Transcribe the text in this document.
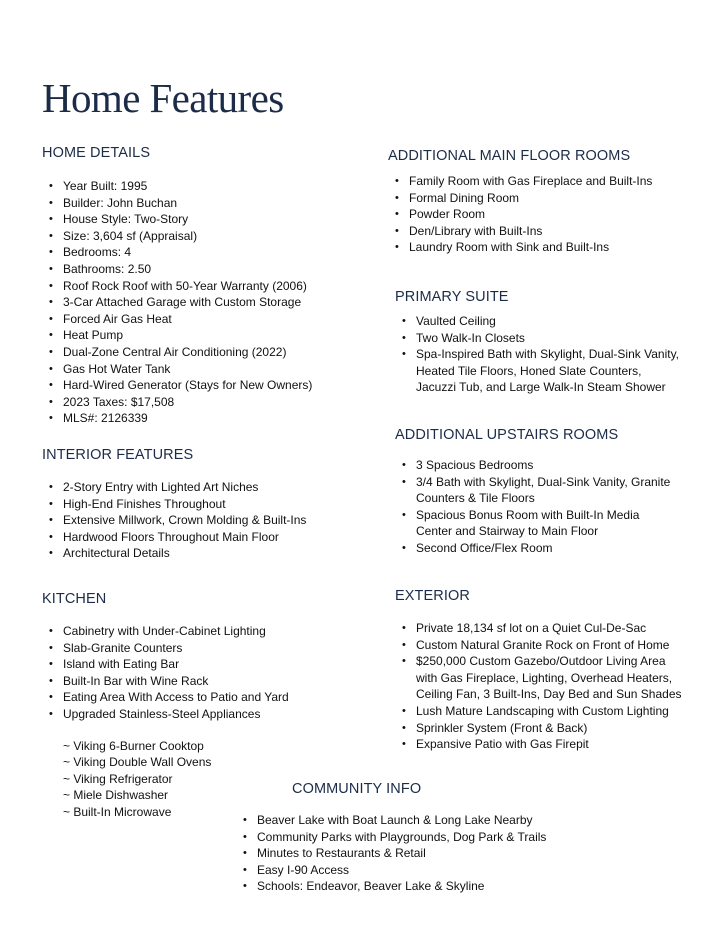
Home Features
HOME DETAILS
• Year Built: 1995
• Builder: John Buchan
• House Style: Two-Story
• Size: 3,604 sf (Appraisal)
• Bedrooms: 4
• Bathrooms: 2.50
• Roof Rock Roof with 50-Year Warranty (2006)
• 3-Car Attached Garage with Custom Storage
• Forced Air Gas Heat
• Heat Pump
• Dual-Zone Central Air Conditioning (2022)
• Gas Hot Water Tank
• Hard-Wired Generator (Stays for New Owners)
• 2023 Taxes: $17,508
• MLS#: 2126339
INTERIOR FEATURES
• 2-Story Entry with Lighted Art Niches
• High-End Finishes Throughout
• Extensive Millwork, Crown Molding & Built-Ins
• Hardwood Floors Throughout Main Floor
• Architectural Details
KITCHEN
• Cabinetry with Under-Cabinet Lighting
• Slab-Granite Counters
• Island with Eating Bar
• Built-In Bar with Wine Rack
• Eating Area With Access to Patio and Yard
• Upgraded Stainless-Steel Appliances
~ Viking 6-Burner Cooktop
~ Viking Double Wall Ovens
~ Viking Refrigerator
~ Miele Dishwasher
~ Built-In Microwave
ADDITIONAL MAIN FLOOR ROOMS
• Family Room with Gas Fireplace and Built-Ins
• Formal Dining Room
• Powder Room
• Den/Library with Built-Ins
• Laundry Room with Sink and Built-Ins
PRIMARY SUITE
• Vaulted Ceiling
• Two Walk-In Closets
• Spa-Inspired Bath with Skylight, Dual-Sink Vanity,
Heated Tile Floors, Honed Slate Counters,
Jacuzzi Tub, and Large Walk-In Steam Shower
ADDITIONAL UPSTAIRS ROOMS
• 3 Spacious Bedrooms
• 3/4 Bath with Skylight, Dual-Sink Vanity, Granite
Counters & Tile Floors
• Spacious Bonus Room with Built-In Media
Center and Stairway to Main Floor
• Second Office/Flex Room
EXTERIOR
• Private 18,134 sf lot on a Quiet Cul-De-Sac
• Custom Natural Granite Rock on Front of Home
• $250,000 Custom Gazebo/Outdoor Living Area
with Gas Fireplace, Lighting, Overhead Heaters,
Ceiling Fan, 3 Built-Ins, Day Bed and Sun Shades
• Lush Mature Landscaping with Custom Lighting
• Sprinkler System (Front & Back)
• Expansive Patio with Gas Firepit
COMMUNITY INFO
• Beaver Lake with Boat Launch & Long Lake Nearby
• Community Parks with Playgrounds, Dog Park & Trails
• Minutes to Restaurants & Retail
• Easy I-90 Access
• Schools: Endeavor, Beaver Lake & Skyline
